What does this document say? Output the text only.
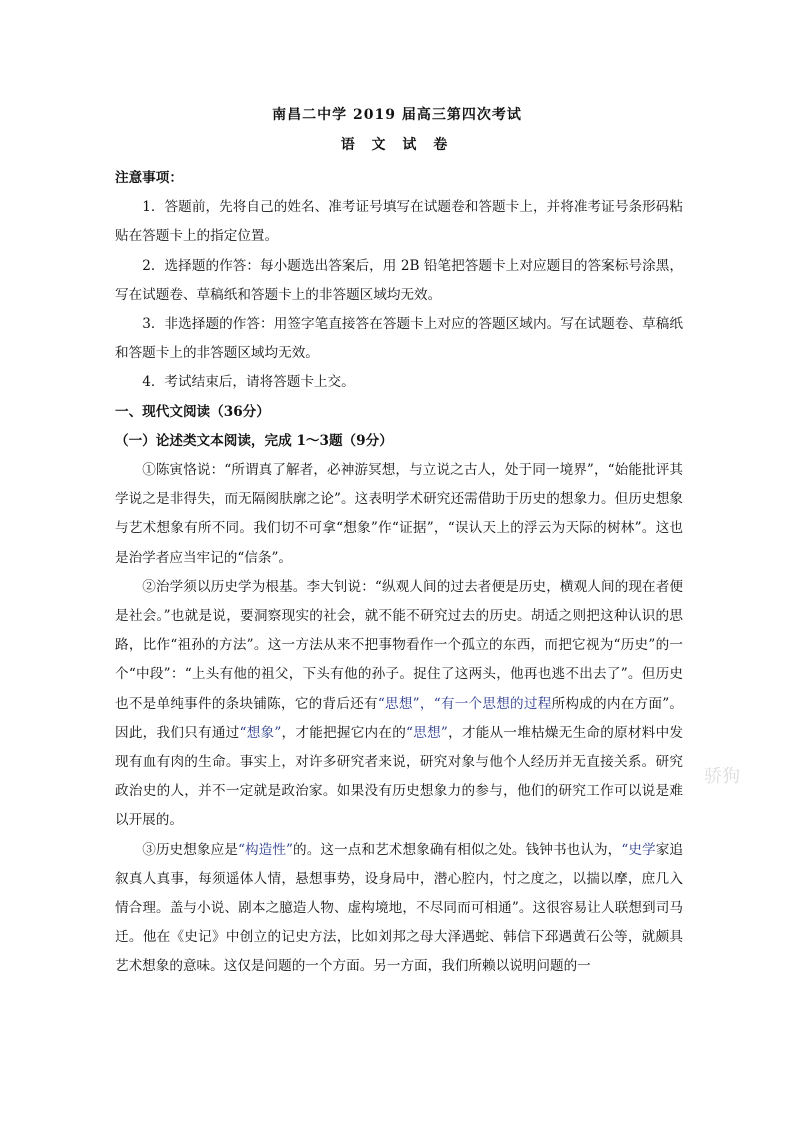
南昌二中学 2019 届高三第四次考试
语 文 试 卷

注意事项：

1．答题前，先将自己的姓名、准考证号填写在试题卷和答题卡上，并将准考证号条形码粘贴在答题卡上的指定位置。

2．选择题的作答：每小题选出答案后，用 2B 铅笔把答题卡上对应题目的答案标号涂黑，写在试题卷、草稿纸和答题卡上的非答题区域均无效。

3．非选择题的作答：用签字笔直接答在答题卡上对应的答题区域内。写在试题卷、草稿纸和答题卡上的非答题区域均无效。

4．考试结束后，请将答题卡上交。

一、现代文阅读（36分）

（一）论述类文本阅读，完成 1～3题（9分）

①陈寅恪说：“所谓真了解者，必神游冥想，与立说之古人，处于同一境界”，“始能批评其学说之是非得失，而无隔阂肤廓之论”。这表明学术研究还需借助于历史的想象力。但历史想象与艺术想象有所不同。我们切不可拿“想象”作“证据”，“误认天上的浮云为天际的树林”。这也是治学者应当牢记的“信条”。

②治学须以历史学为根基。李大钊说：“纵观人间的过去者便是历史，横观人间的现在者便是社会。”也就是说，要洞察现实的社会，就不能不研究过去的历史。胡适之则把这种认识的思路，比作“祖孙的方法”。这一方法从来不把事物看作一个孤立的东西，而把它视为“历史”的一个“中段”：“上头有他的祖父，下头有他的孙子。捉住了这两头，他再也逃不出去了”。但历史也不是单纯事件的条块铺陈，它的背后还有“思想”，“有一个思想的过程所构成的内在方面”。因此，我们只有通过“想象”，才能把握它内在的“思想”，才能从一堆枯燥无生命的原材料中发现有血有肉的生命。事实上，对许多研究者来说，研究对象与他个人经历并无直接关系。研究政治史的人，并不一定就是政治家。如果没有历史想象力的参与，他们的研究工作可以说是难以开展的。

③历史想象应是“构造性”的。这一点和艺术想象确有相似之处。钱钟书也认为，“史学家追叙真人真事，每须遥体人情，悬想事势，设身局中，潜心腔内，忖之度之，以揣以摩，庶几入情合理。盖与小说、剧本之臆造人物、虚构境地，不尽同而可相通”。这很容易让人联想到司马迁。他在《史记》中创立的记史方法，比如刘邦之母大泽遇蛇、韩信下邳遇黄石公等，就颇具艺术想象的意味。这仅是问题的一个方面。另一方面，我们所赖以说明问题的一

骄狗
